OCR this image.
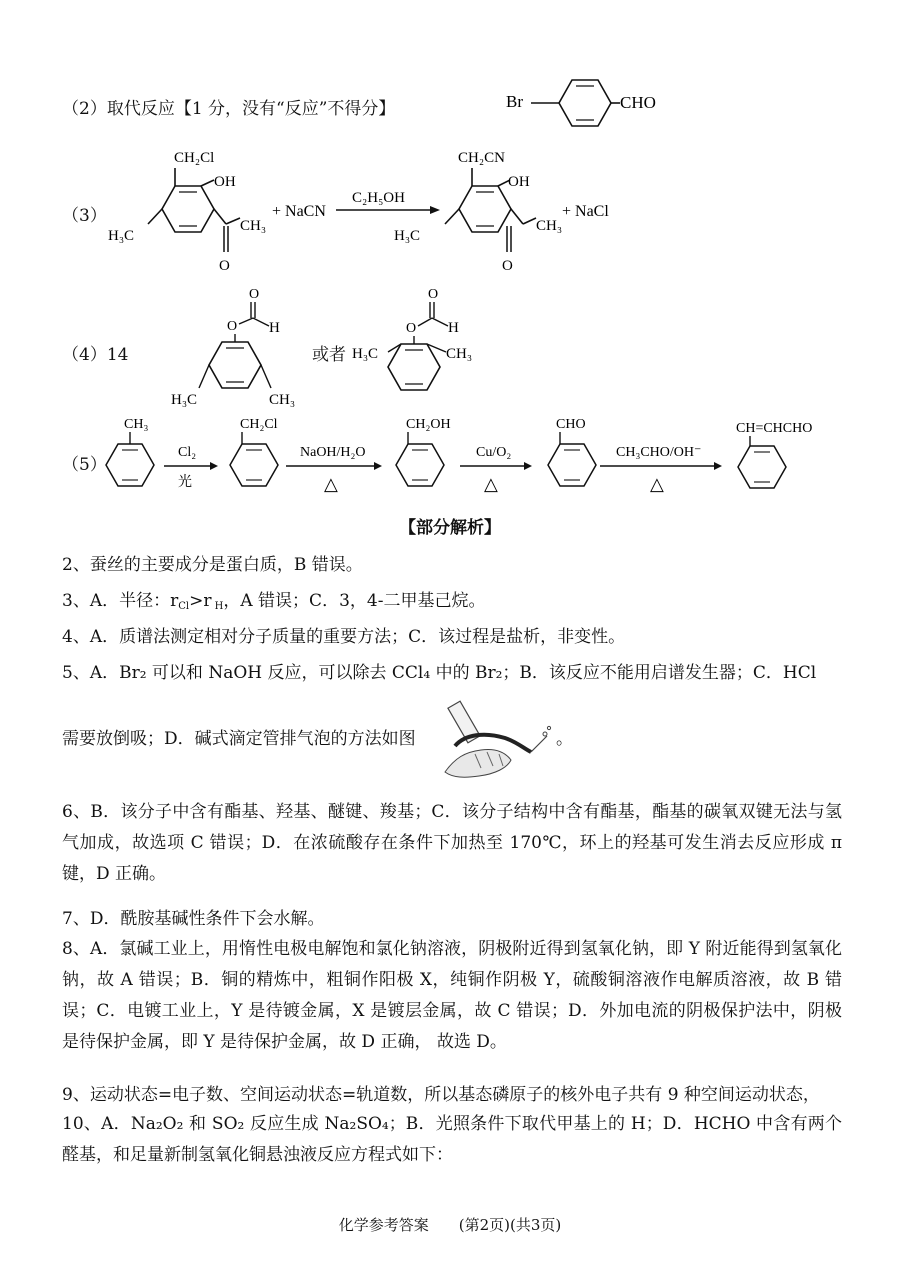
（2）取代反应【1 分，没有“反应”不得分】	Br	CHO
（3）
CH₂Cl
OH
H₃C
CH₃
O
+ NaCN
C₂H₅OH
CH₂CN
OH
H₃C
CH₃
O
+ NaCl
（4）14
O
H
O
H₃C	CH₃
或者
O
H
O
H₃C	CH₃
（5）
CH₃
Cl₂
光
CH₂Cl
NaOH/H₂O
△
CH₂OH
Cu/O₂
△
CHO
CH₃CHO/OH⁻
△
CH=CHCHO
【部分解析】
2、蚕丝的主要成分是蛋白质，B 错误。
3、A．半径：$r_{Cl}>r$ $_H$，A 错误；C．3，4-二甲基己烷。
4、A．质谱法测定相对分子质量的重要方法；C．该过程是盐析，非变性。
5、A．Br₂ 可以和 NaOH 反应，可以除去 CCl₄ 中的 Br₂；B．该反应不能用启谱发生器；C．HCl
需要放倒吸；D．碱式滴定管排气泡的方法如图	。
6、B．该分子中含有酯基、羟基、醚键、羧基；C．该分子结构中含有酯基，酯基的碳氧双键无法与氢气加成，故选项 C 错误；D．在浓硫酸存在条件下加热至 170℃，环上的羟基可发生消去反应形成 π 键，D 正确。
7、D．酰胺基碱性条件下会水解。
8、A．氯碱工业上，用惰性电极电解饱和氯化钠溶液，阴极附近得到氢氧化钠，即 Y 附近能得到氢氧化钠，故 A 错误；B．铜的精炼中，粗铜作阳极 X，纯铜作阴极 Y，硫酸铜溶液作电解质溶液，故 B 错误；C．电镀工业上，Y 是待镀金属，X 是镀层金属，故 C 错误；D．外加电流的阴极保护法中，阴极是待保护金属，即 Y 是待保护金属，故 D 正确， 故选 D。
9、运动状态=电子数、空间运动状态=轨道数，所以基态磷原子的核外电子共有 9 种空间运动状态，
10、A．Na₂O₂ 和 SO₂ 反应生成 Na₂SO₄；B．光照条件下取代甲基上的 H；D．HCHO 中含有两个醛基，和足量新制氢氧化铜悬浊液反应方程式如下：
化学参考答案　　(第2页)(共3页)
